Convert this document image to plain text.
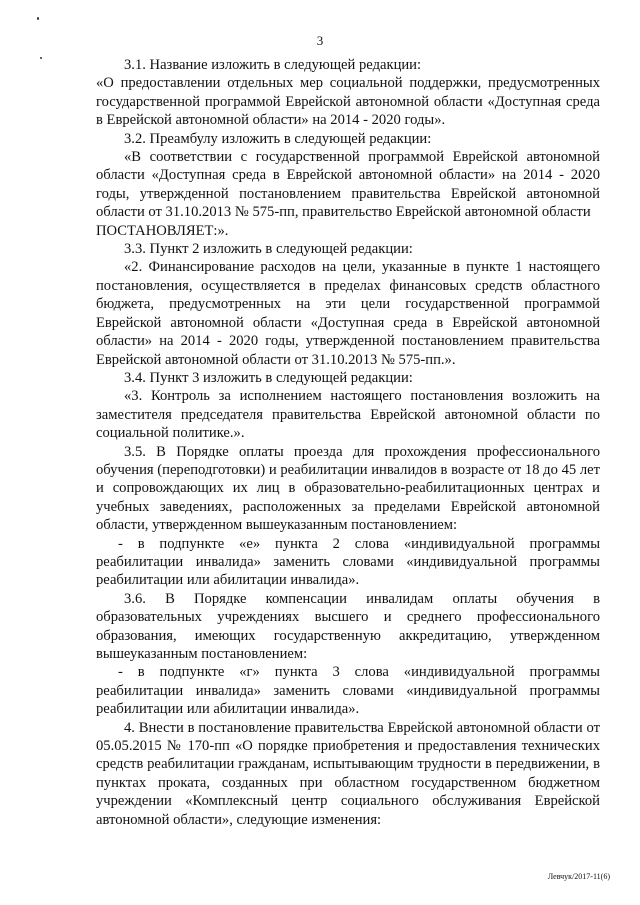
3

3.1. Название изложить в следующей редакции:

«О предоставлении отдельных мер социальной поддержки, предусмотренных государственной программой Еврейской автономной области «Доступная среда в Еврейской автономной области» на 2014 - 2020 годы».

3.2. Преамбулу изложить в следующей редакции:

«В соответствии с государственной программой Еврейской автономной области «Доступная среда в Еврейской автономной области» на 2014 - 2020 годы, утвержденной постановлением правительства Еврейской автономной области от 31.10.2013 № 575-пп, правительство Еврейской автономной области

ПОСТАНОВЛЯЕТ:».

3.3. Пункт 2 изложить в следующей редакции:

«2. Финансирование расходов на цели, указанные в пункте 1 настоящего постановления, осуществляется в пределах финансовых средств областного бюджета, предусмотренных на эти цели государственной программой Еврейской автономной области «Доступная среда в Еврейской автономной области» на 2014 - 2020 годы, утвержденной постановлением правительства Еврейской автономной области от 31.10.2013 № 575-пп.».

3.4. Пункт 3 изложить в следующей редакции:

«3. Контроль за исполнением настоящего постановления возложить на заместителя председателя правительства Еврейской автономной области по социальной политике.».

3.5. В Порядке оплаты проезда для прохождения профессионального обучения (переподготовки) и реабилитации инвалидов в возрасте от 18 до 45 лет и сопровождающих их лиц в образовательно-реабилитационных центрах и учебных заведениях, расположенных за пределами Еврейской автономной области, утвержденном вышеуказанным постановлением:

- в подпункте «е» пункта 2 слова «индивидуальной программы реабилитации инвалида» заменить словами «индивидуальной программы реабилитации или абилитации инвалида».

3.6. В Порядке компенсации инвалидам оплаты обучения в образовательных учреждениях высшего и среднего профессионального образования, имеющих государственную аккредитацию, утвержденном вышеуказанным постановлением:

- в подпункте «г» пункта 3 слова «индивидуальной программы реабилитации инвалида» заменить словами «индивидуальной программы реабилитации или абилитации инвалида».

4. Внести в постановление правительства Еврейской автономной области от 05.05.2015 № 170-пп «О порядке приобретения и предоставления технических средств реабилитации гражданам, испытывающим трудности в передвижении, в пунктах проката, созданных при областном государственном бюджетном учреждении «Комплексный центр социального обслуживания Еврейской автономной области», следующие изменения:

Левчук/2017-11(6)
